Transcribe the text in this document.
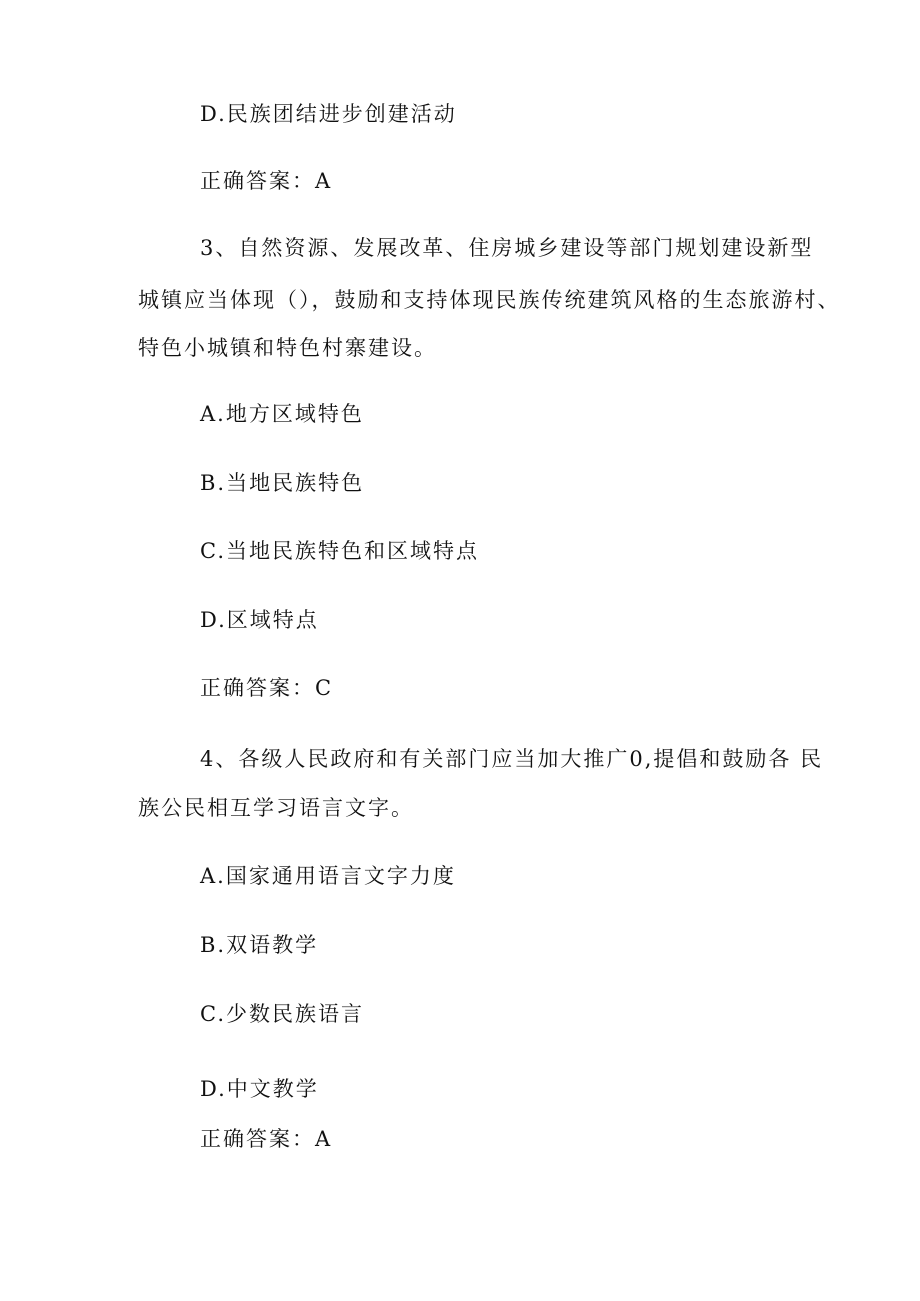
D.民族团结进步创建活动
正确答案：A
3、自然资源、发展改革、住房城乡建设等部门规划建设新型
城镇应当体现（），鼓励和支持体现民族传统建筑风格的生态旅游村、
特色小城镇和特色村寨建设。
A.地方区域特色
B.当地民族特色
C.当地民族特色和区域特点
D.区域特点
正确答案：C
4、各级人民政府和有关部门应当加大推广0,提倡和鼓励各 民
族公民相互学习语言文字。
A.国家通用语言文字力度
B.双语教学
C.少数民族语言
D.中文教学
正确答案：A
